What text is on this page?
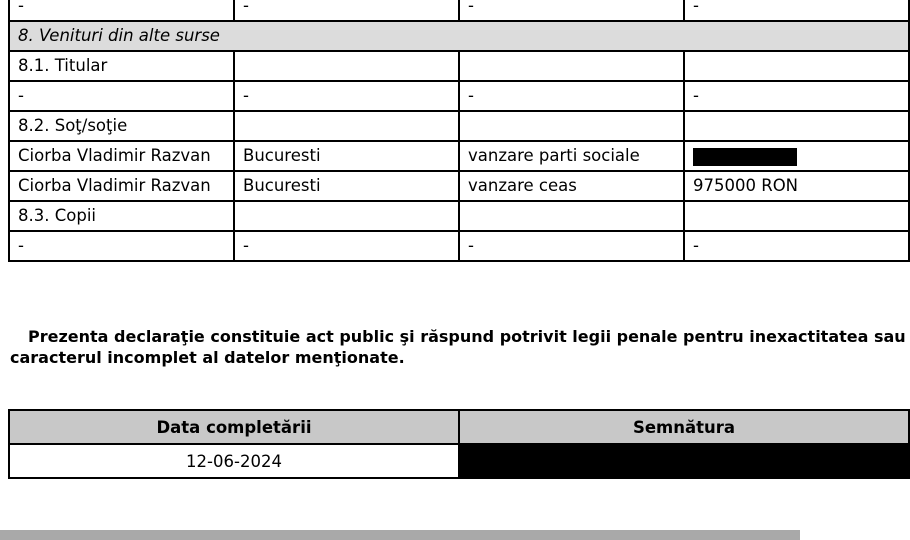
-	-	-	-
8. Venituri din alte surse			
8.1. Titular			
-	-	-	-
8.2. Soţ/soţie			
Ciorba Vladimir Razvan	Bucuresti	vanzare parti sociale	
Ciorba Vladimir Razvan	Bucuresti	vanzare ceas	975000 RON
8.3. Copii			
-	-	-	-
Prezenta declaraţie constituie act public şi răspund potrivit legii penale pentru inexactitatea sau
caracterul incomplet al datelor menţionate.
Data completării	Semnătura
12-06-2024	
